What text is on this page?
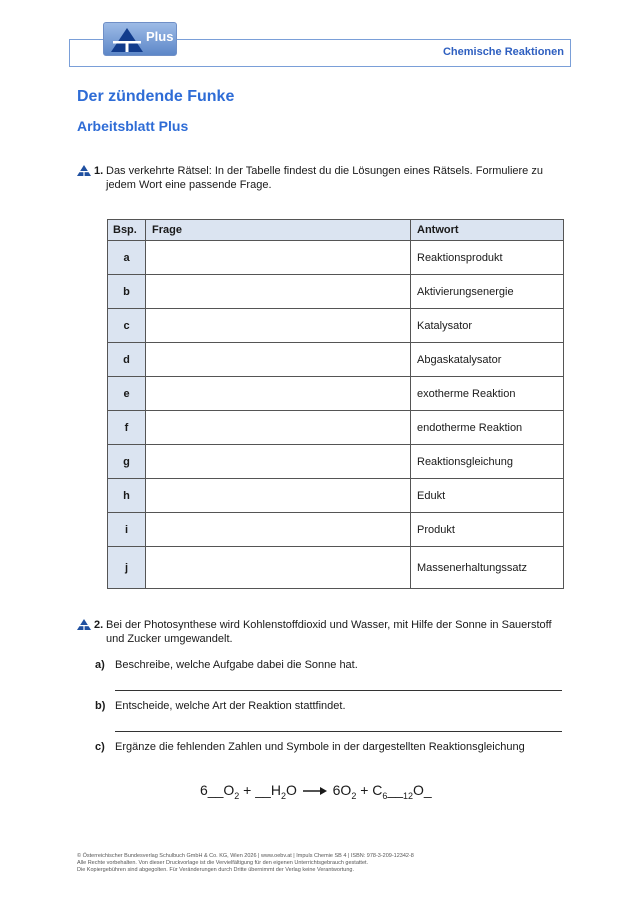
Plus
Chemische Reaktionen
Der zündende Funke
Arbeitsblatt Plus
1. Das verkehrte Rätsel: In der Tabelle findest du die Lösungen eines Rätsels. Formuliere zu jedem Wort eine passende Frage.
Bsp.	Frage	Antwort
a		Reaktionsprodukt
b		Aktivierungsenergie
c		Katalysator
d		Abgaskatalysator
e		exotherme Reaktion
f		endotherme Reaktion
g		Reaktionsgleichung
h		Edukt
i		Produkt
j		Massenerhaltungssatz
2. Bei der Photosynthese wird Kohlenstoffdioxid und Wasser, mit Hilfe der Sonne in Sauerstoff und Zucker umgewandelt.
a) Beschreibe, welche Aufgabe dabei die Sonne hat.
b) Entscheide, welche Art der Reaktion stattfindet.
c) Ergänze die fehlenden Zahlen und Symbole in der dargestellten Reaktionsgleichung
$6\_\_O_2$ + $\_\_H_2O \to 6O_2$ + $C_6\_\__{12}O\_$
© Österreichischer Bundesverlag Schulbuch GmbH & Co. KG, Wien 2026 | www.oebv.at | Impuls Chemie SB 4 | ISBN: 978-3-209-12342-8
Alle Rechte vorbehalten. Von dieser Druckvorlage ist die Vervielfältigung für den eigenen Unterrichtsgebrauch gestattet.
Die Kopiergebühren sind abgegolten. Für Veränderungen durch Dritte übernimmt der Verlag keine Verantwortung.
